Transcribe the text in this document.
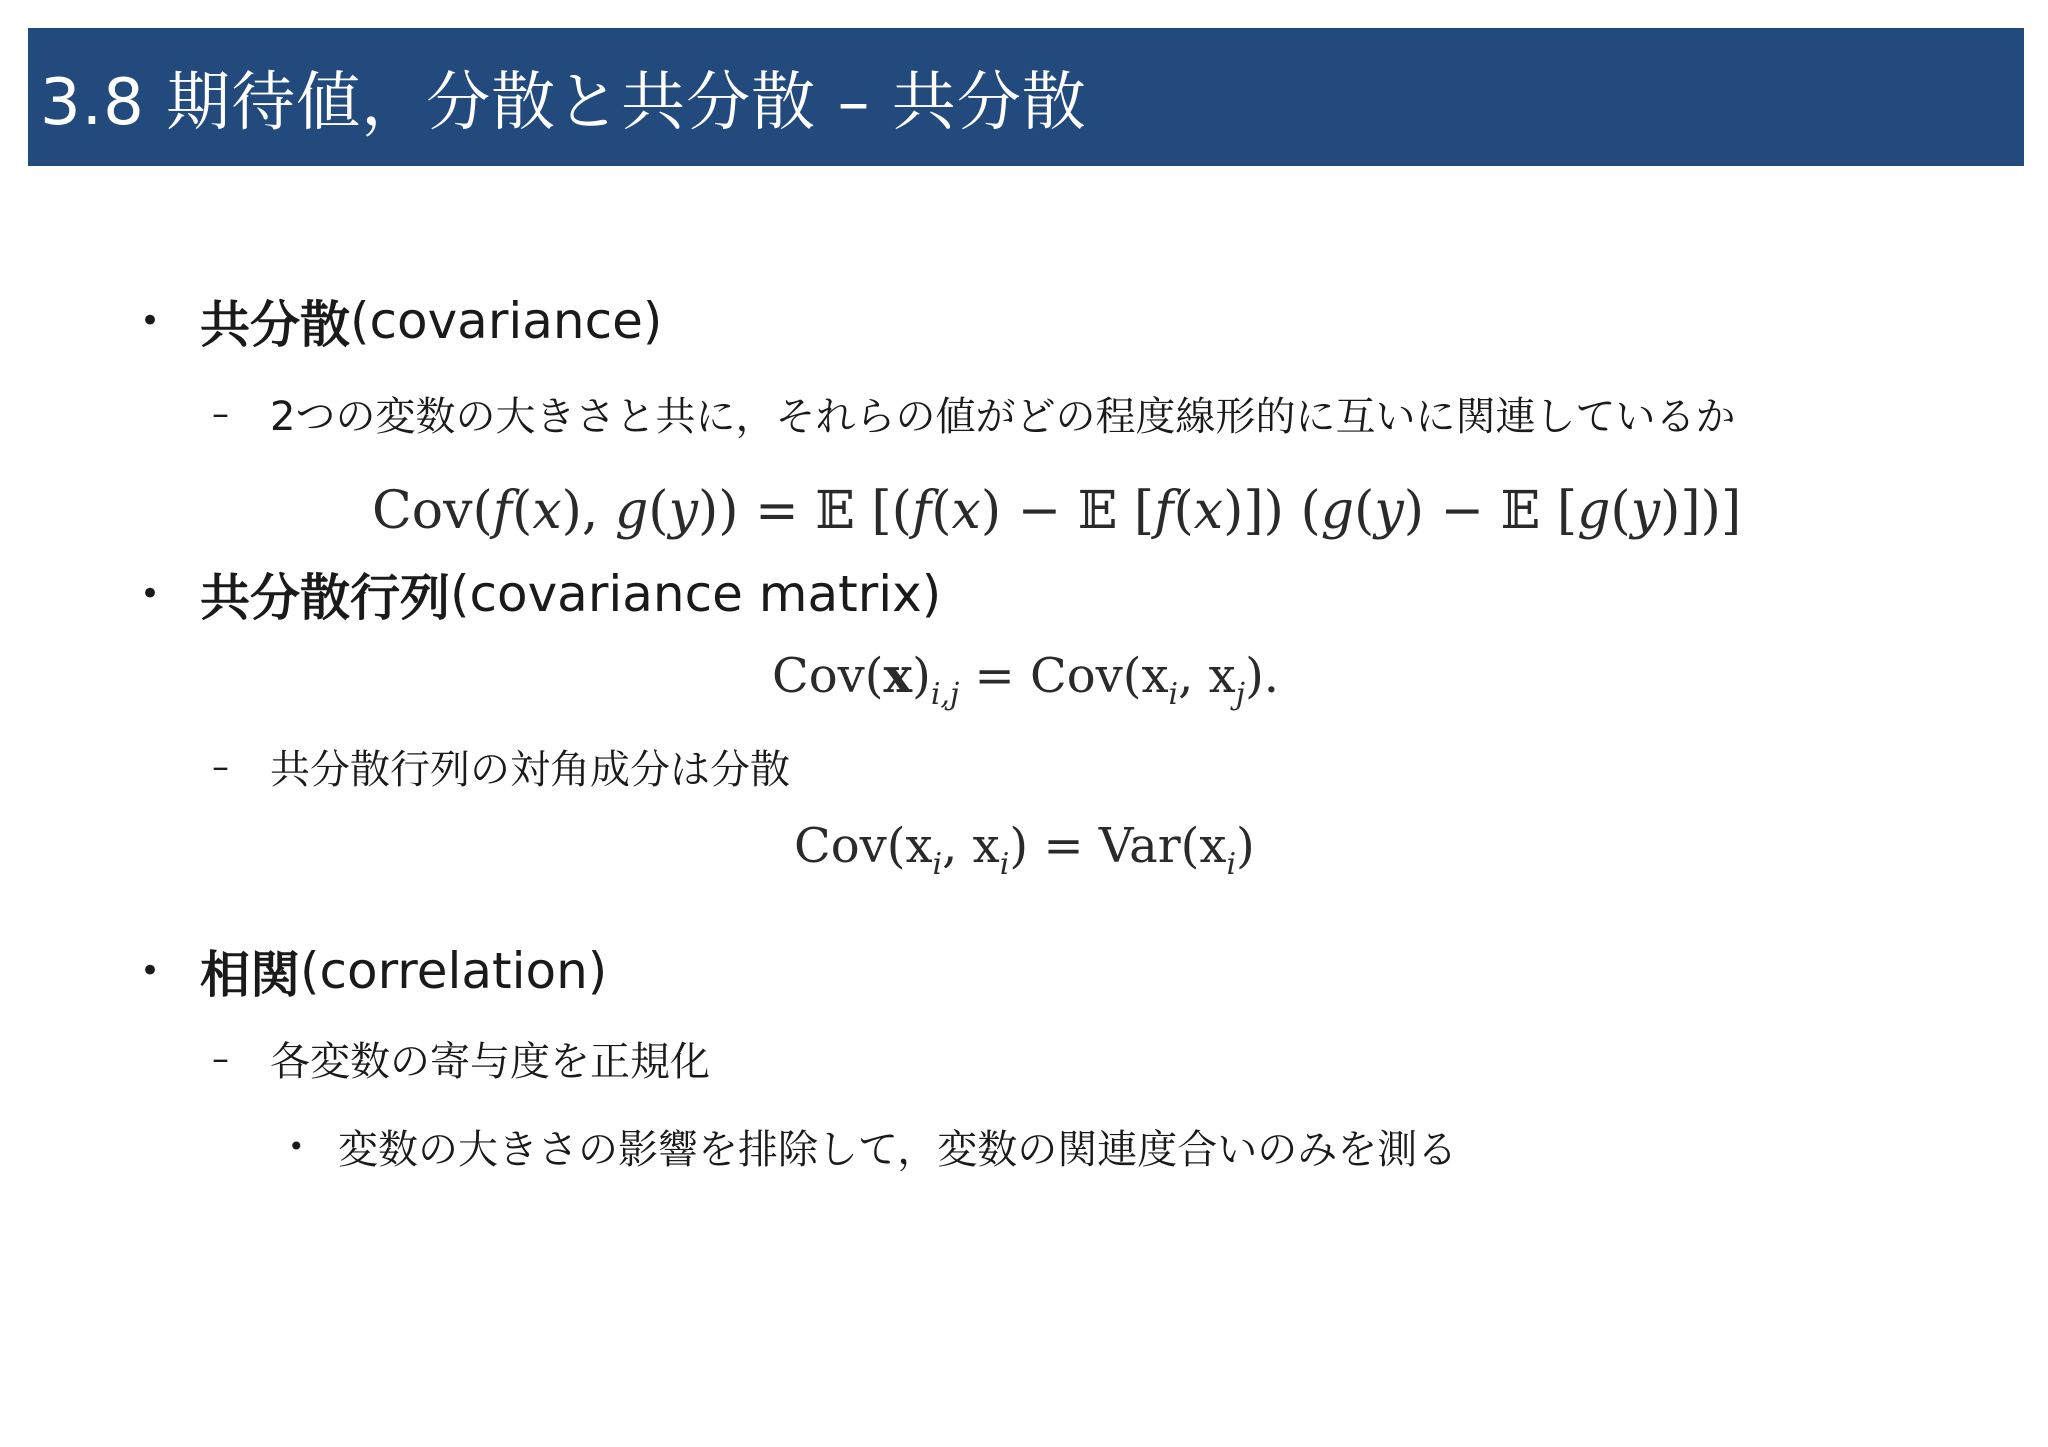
3.8 期待値，分散と共分散 – 共分散
• 共分散 (covariance)
–	2つの変数の大きさと共に，それらの値がどの程度線形的に互いに関連しているか
Cov(f(x), g(y)) = 𝔼 [(f(x) − 𝔼 [f(x)]) (g(y) − 𝔼 [g(y)])]
• 共分散行列 (covariance matrix)
$Cov(x)_{i,j} = Cov(x_i$, $x_j$).
–	共分散行列の対角成分は分散
$Cov(x_i$, $x_i) = Var(x_i)$
• 相関 (correlation)
–	各変数の寄与度を正規化
• 変数の大きさの影響を排除して，変数の関連度合いのみを測る
